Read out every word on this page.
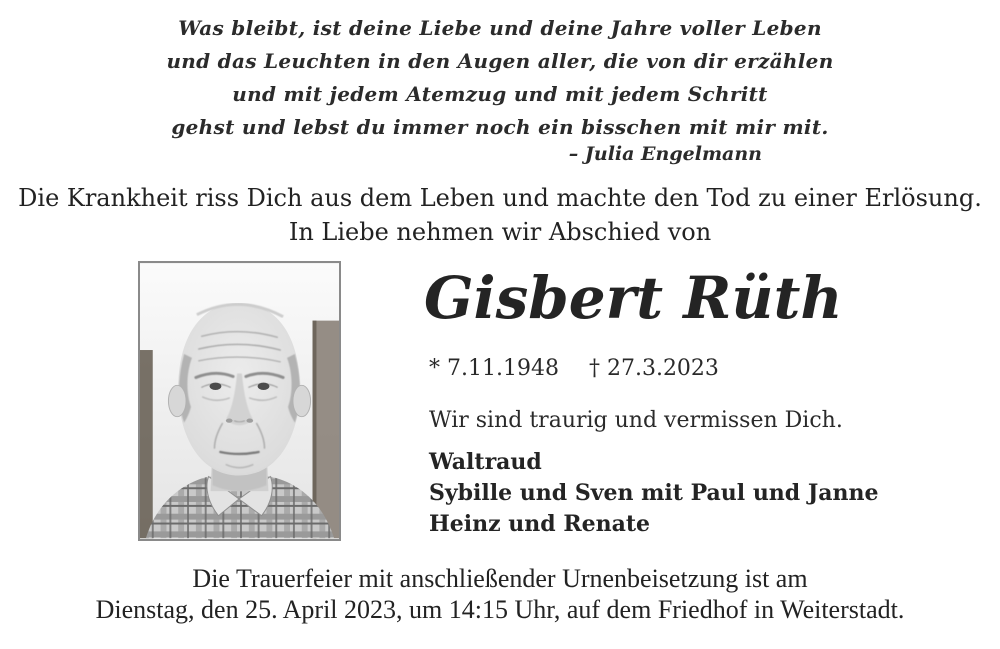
Was bleibt, ist deine Liebe und deine Jahre voller Leben
und das Leuchten in den Augen aller, die von dir erzählen
und mit jedem Atemzug und mit jedem Schritt
gehst und lebst du immer noch ein bisschen mit mir mit.
– Julia Engelmann
Die Krankheit riss Dich aus dem Leben und machte den Tod zu einer Erlösung.
In Liebe nehmen wir Abschied von
Gisbert Rüth
* 7.11.1948 † 27.3.2023
Wir sind traurig und vermissen Dich.
Waltraud
Sybille und Sven mit Paul und Janne
Heinz und Renate
Die Trauerfeier mit anschließender Urnenbeisetzung ist am
Dienstag, den 25. April 2023, um 14:15 Uhr, auf dem Friedhof in Weiterstadt.
